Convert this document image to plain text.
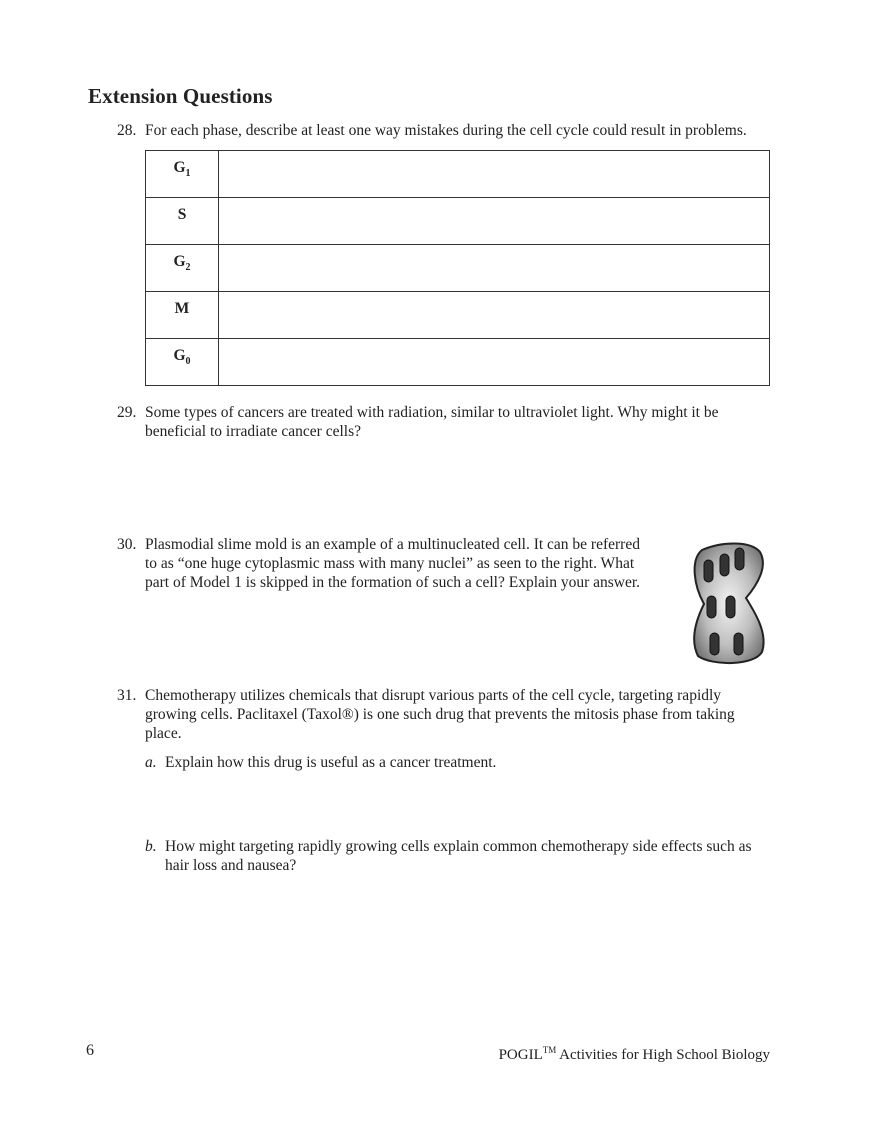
Extension Questions
28. For each phase, describe at least one way mistakes during the cell cycle could result in problems.
$G_1$	
S	
$G_2$	
M	
$G_0$	
29. Some types of cancers are treated with radiation, similar to ultraviolet light. Why might it be
beneficial to irradiate cancer cells?
30. Plasmodial slime mold is an example of a multinucleated cell. It can be referred
to as “one huge cytoplasmic mass with many nuclei” as seen to the right. What
part of Model 1 is skipped in the formation of such a cell? Explain your answer.
31. Chemotherapy utilizes chemicals that disrupt various parts of the cell cycle, targeting rapidly
growing cells. Paclitaxel (Taxol®) is one such drug that prevents the mitosis phase from taking
place.
a. Explain how this drug is useful as a cancer treatment.
b. How might targeting rapidly growing cells explain common chemotherapy side effects such as
hair loss and nausea?
6	POGIL™ Activities for High School Biology
